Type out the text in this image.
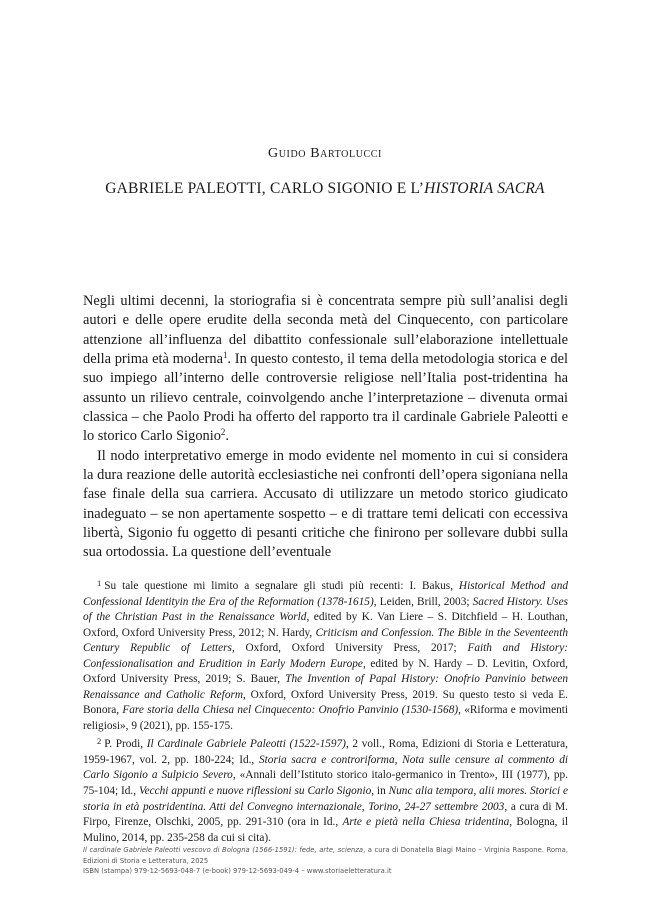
Guido Bartolucci
GABRIELE PALEOTTI, CARLO SIGONIO E L’HISTORIA SACRA

Negli ultimi decenni, la storiografia si è concentrata sempre più sull’analisi degli autori e delle opere erudite della seconda metà del Cinquecento, con particolare attenzione all’influenza del dibattito confessionale sull’elaborazione intellettuale della prima età moderna$^1$. In questo contesto, il tema della metodologia storica e del suo impiego all’interno delle controversie religiose nell’Italia post-tridentina ha assunto un rilievo centrale, coinvolgendo anche l’interpretazione – divenuta ormai classica – che Paolo Prodi ha offerto del rapporto tra il cardinale Gabriele Paleotti e lo storico Carlo Sigonio$^2$.

Il nodo interpretativo emerge in modo evidente nel momento in cui si considera la dura reazione delle autorità ecclesiastiche nei confronti dell’opera sigoniana nella fase finale della sua carriera. Accusato di utilizzare un metodo storico giudicato inadeguato – se non apertamente sospetto – e di trattare temi delicati con eccessiva libertà, Sigonio fu oggetto di pesanti critiche che finirono per sollevare dubbi sulla sua ortodossia. La questione dell’eventuale

$^1$ Su tale questione mi limito a segnalare gli studi più recenti: I. Bakus, Historical Method and Confessional Identityin the Era of the Reformation (1378-1615), Leiden, Brill, 2003; Sacred History. Uses of the Christian Past in the Renaissance World, edited by K. Van Liere – S. Ditchfield – H. Louthan, Oxford, Oxford University Press, 2012; N. Hardy, Criticism and Confession. The Bible in the Seventeenth Century Republic of Letters, Oxford, Oxford University Press, 2017; Faith and History: Confessionalisation and Erudition in Early Modern Europe, edited by N. Hardy – D. Levitin, Oxford, Oxford University Press, 2019; S. Bauer, The Invention of Papal History: Onofrio Panvinio between Renaissance and Catholic Reform, Oxford, Oxford University Press, 2019. Su questo testo si veda E. Bonora, Fare storia della Chiesa nel Cinquecento: Onofrio Panvinio (1530-1568), «Riforma e movimenti religiosi», 9 (2021), pp. 155-175.

$^2$ P. Prodi, Il Cardinale Gabriele Paleotti (1522-1597), 2 voll., Roma, Edizioni di Storia e Letteratura, 1959-1967, vol. 2, pp. 180-224; Id., Storia sacra e controriforma, Nota sulle censure al commento di Carlo Sigonio a Sulpicio Severo, «Annali dell’Istituto storico italo-germanico in Trento», III (1977), pp. 75-104; Id., Vecchi appunti e nuove riflessioni su Carlo Sigonio, in Nunc alia tempora, alii mores. Storici e storia in età postridentina. Atti del Convegno internazionale, Torino, 24-27 settembre 2003, a cura di M. Firpo, Firenze, Olschki, 2005, pp. 291-310 (ora in Id., Arte e pietà nella Chiesa tridentina, Bologna, il Mulino, 2014, pp. 235-258 da cui si cita).

Il cardinale Gabriele Paleotti vescovo di Bologna (1566-1591): fede, arte, scienza, a cura di Donatella Biagi Maino – Virginia Raspone. Roma, Edizioni di Storia e Letteratura, 2025
ISBN (stampa) 979-12-5693-048-7 (e-book) 979-12-5693-049-4 – www.storiaeletteratura.it
